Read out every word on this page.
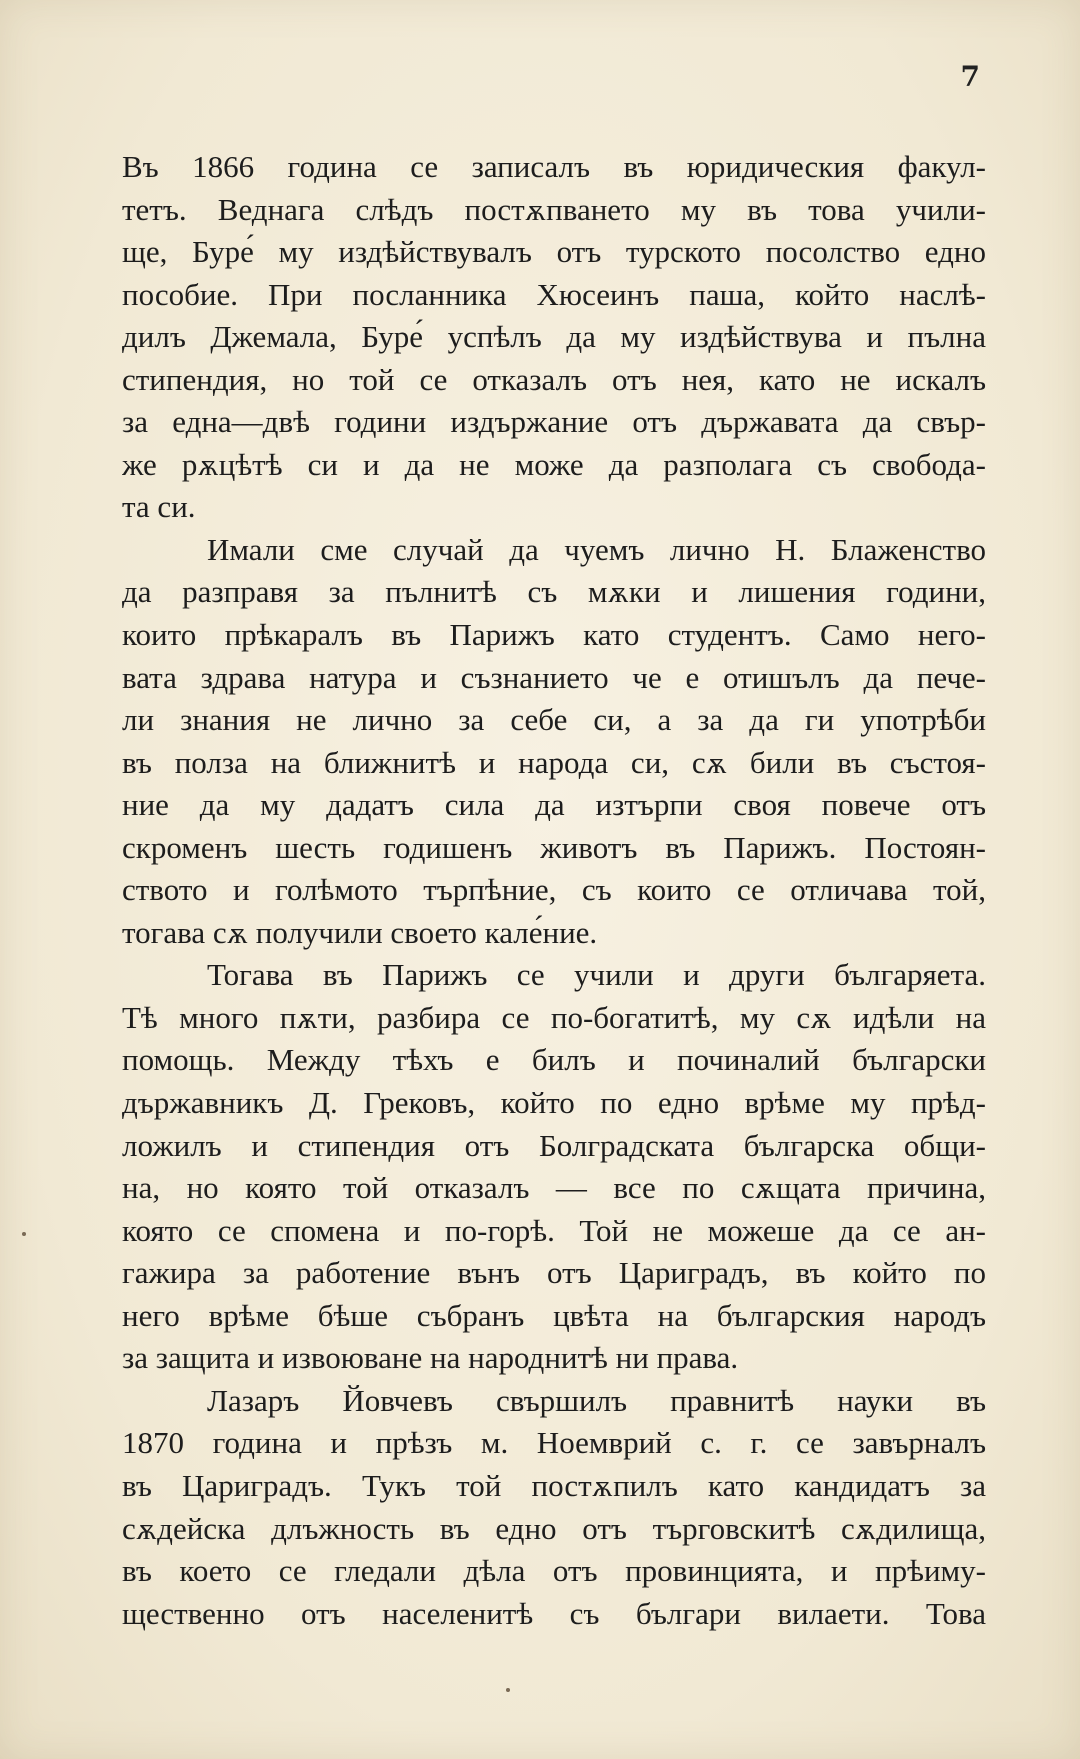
7
Въ 1866 година се записалъ въ юридическия факул-
тетъ. Веднага слѣдъ постѫпването му въ това учили-
ще, Буре́ му издѣйствувалъ отъ турското посолство едно
пособие. При посланника Хюсеинъ паша, който наслѣ-
дилъ Джемала, Буре́ успѣлъ да му издѣйствува и пълна
стипендия, но той се отказалъ отъ нея, като не искалъ
за една—двѣ години издържание отъ държавата да свър-
же рѫцѣтѣ си и да не може да разполага съ свобода-
та си.
Имали сме случай да чуемъ лично Н. Блаженство
да разправя за пълнитѣ съ мѫки и лишения години,
които прѣкаралъ въ Парижъ като студентъ. Само него-
вата здрава натура и съзнанието че е отишълъ да пече-
ли знания не лично за себе си, а за да ги употрѣби
въ полза на ближнитѣ и народа си, сѫ били въ състоя-
ние да му дадатъ сила да изтърпи своя повече отъ
скроменъ шесть годишенъ животъ въ Парижъ. Постоян-
ството и голѣмото търпѣние, съ които се отличава той,
тогава сѫ получили своето кале́ние.
Тогава въ Парижъ се учили и други българяета.
Тѣ много пѫти, разбира се по-богатитѣ, му сѫ идѣли на
помощь. Между тѣхъ е билъ и починалий български
държавникъ Д. Грековъ, който по едно врѣме му прѣд-
ложилъ и стипендия отъ Болградската българска общи-
на, но която той отказалъ — все по сѫщата причина,
която се спомена и по-горѣ. Той не можеше да се ан-
гажира за работение вънъ отъ Цариградъ, въ който по
него врѣме бѣше събранъ цвѣта на българския народъ
за защита и извоюване на народнитѣ ни права.
Лазаръ Йовчевъ свършилъ правнитѣ науки въ
1870 година и прѣзъ м. Ноемврий с. г. се завърналъ
въ Цариградъ. Тукъ той постѫпилъ като кандидатъ за
сѫдейска длъжность въ едно отъ търговскитѣ сѫдилища,
въ което се гледали дѣла отъ провинцията, и прѣиму-
щественно отъ населенитѣ съ българи вилаети. Това
